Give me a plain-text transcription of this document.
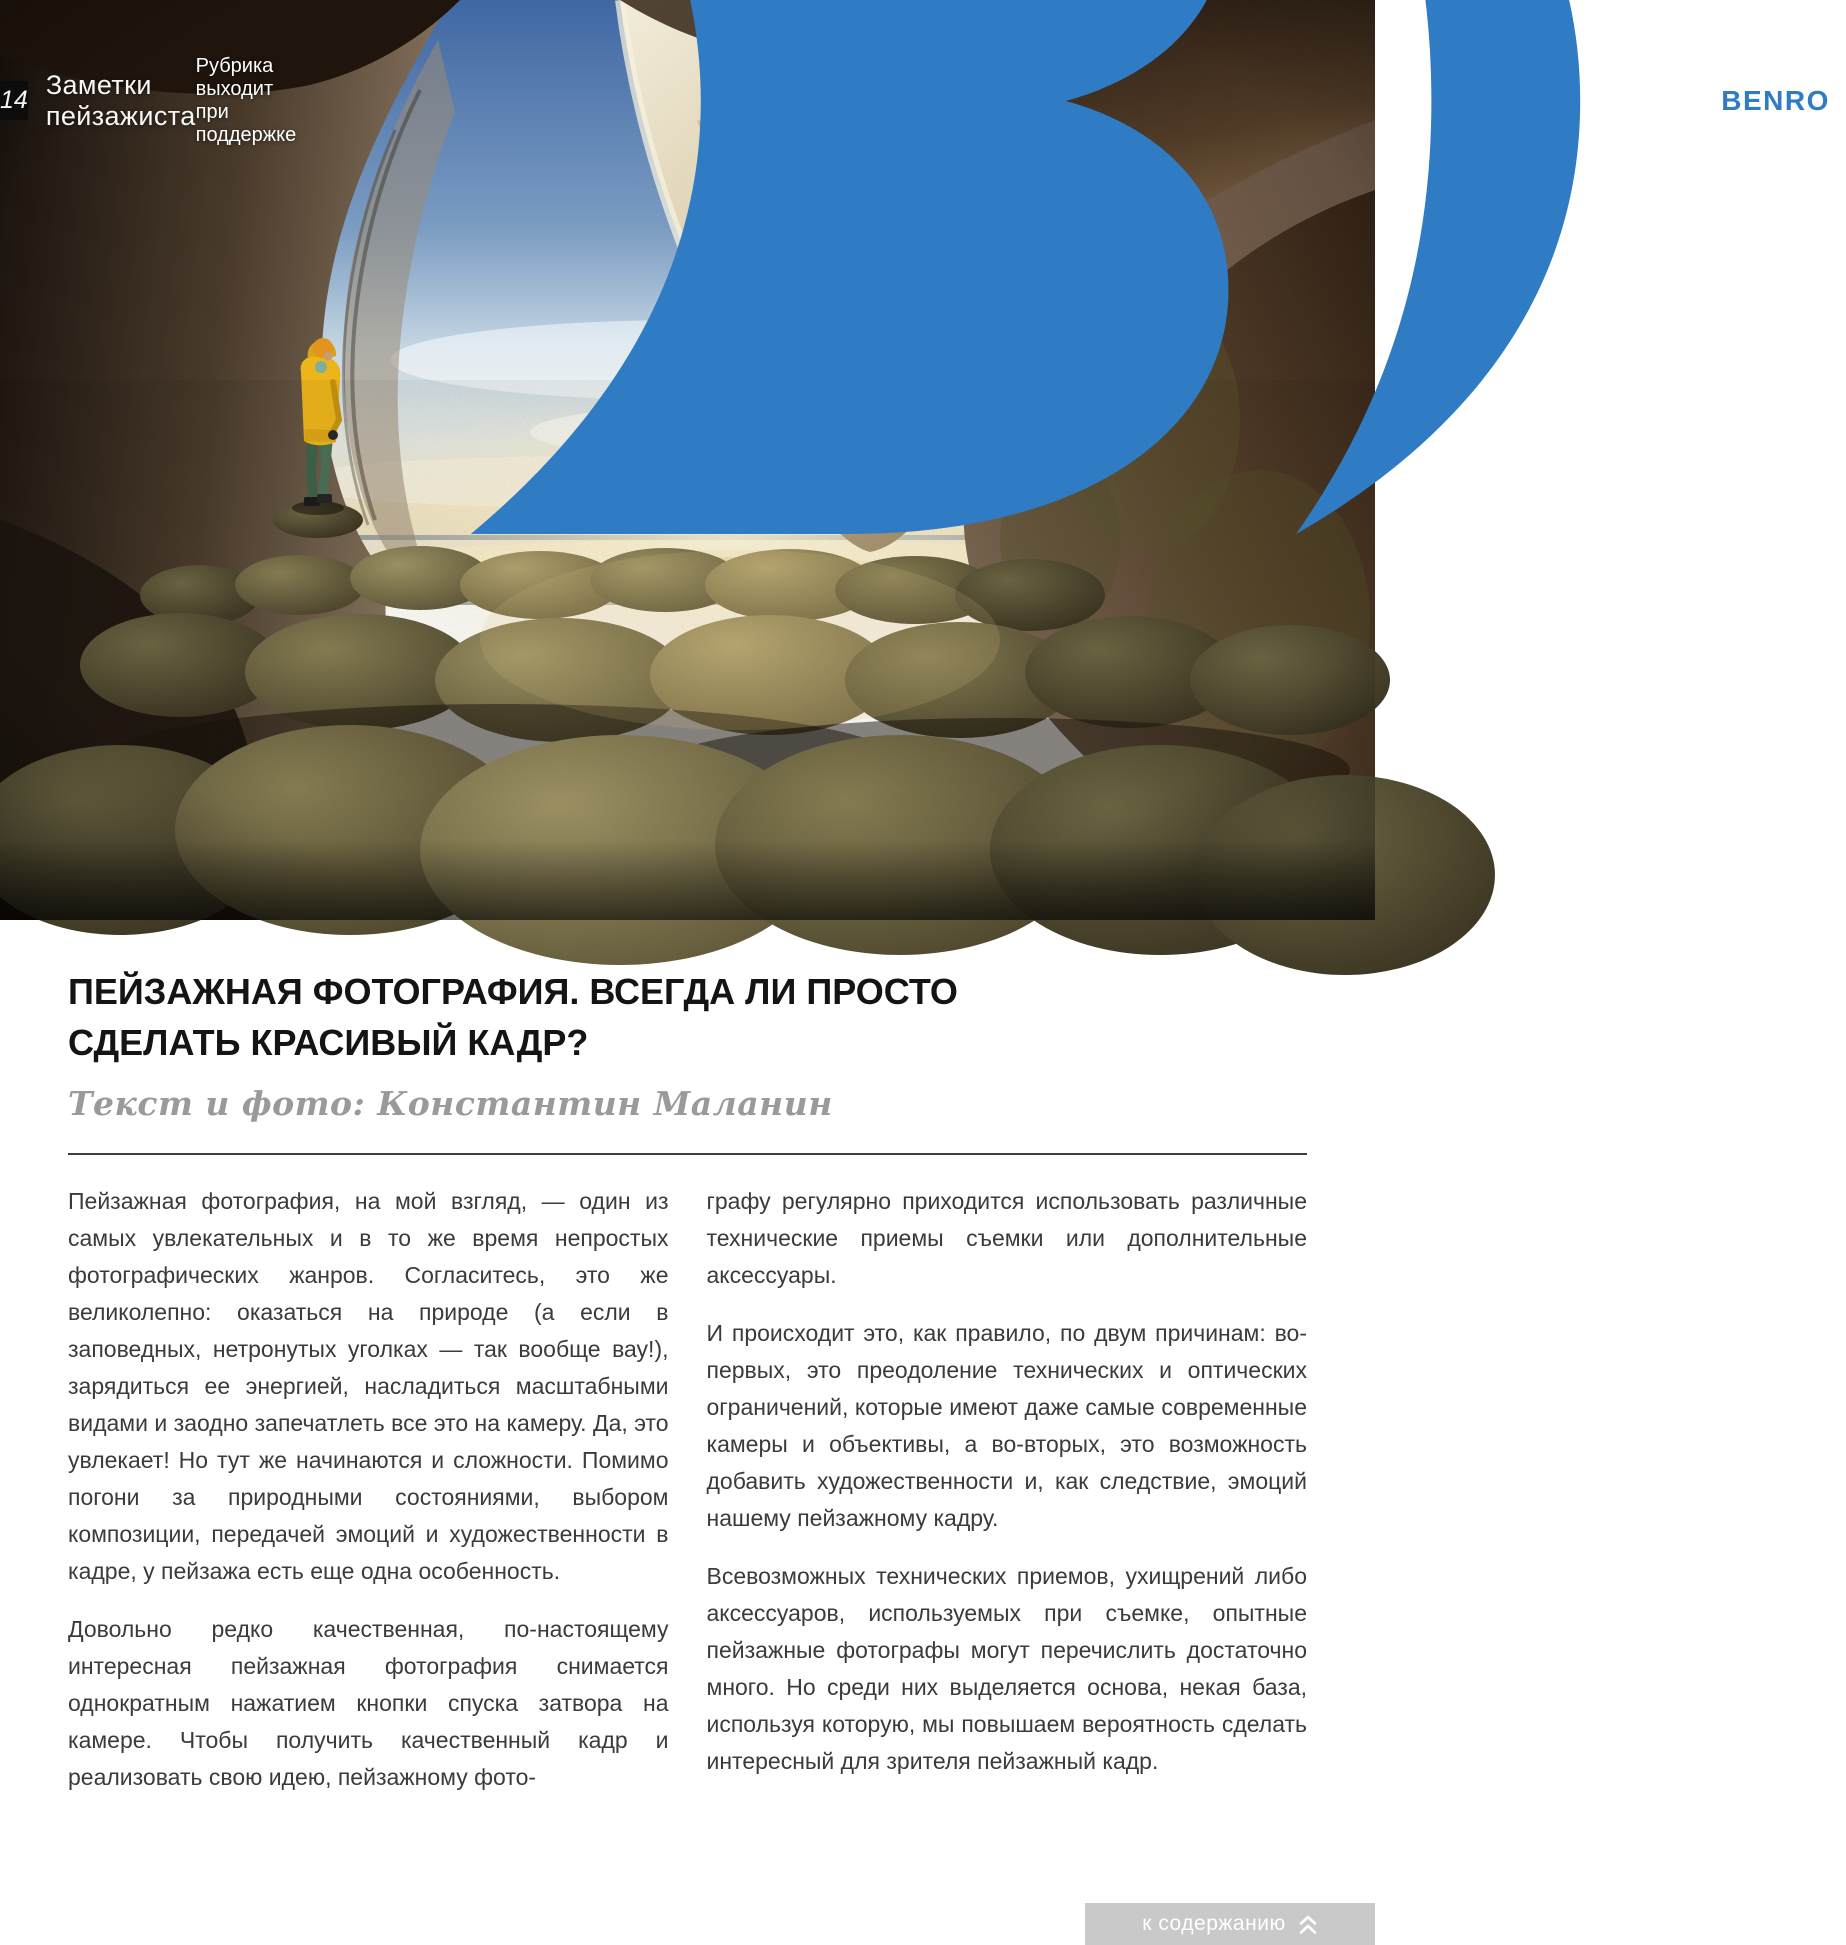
14
Заметки пейзажиста
Рубрика выходит при поддержке
BENRO
ПЕЙЗАЖНАЯ ФОТОГРАФИЯ. ВСЕГДА ЛИ ПРОСТО
СДЕЛАТЬ КРАСИВЫЙ КАДР?
Текст и фото: Константин Маланин

Пейзажная фотография, на мой взгляд, — один из самых увлекательных и в то же время непростых фотографических жанров. Согласитесь, это же великолепно: оказаться на природе (а если в заповедных, нетронутых уголках — так вообще вау!), зарядиться ее энергией, насладиться масштабными видами и заодно запечатлеть все это на камеру. Да, это увлекает! Но тут же начинаются и сложности. Помимо погони за природными состояниями, выбором композиции, передачей эмоций и художественности в кадре, у пейзажа есть еще одна особенность.

Довольно редко качественная, по-настоящему интересная пейзажная фотография снимается однократным нажатием кнопки спуска затвора на камере. Чтобы получить качественный кадр и реализовать свою идею, пейзажному фото-

графу регулярно приходится использовать различные технические приемы съемки или дополнительные аксессуары.

И происходит это, как правило, по двум причинам: во-первых, это преодоление технических и оптических ограничений, которые имеют даже самые современные камеры и объективы, а во-вторых, это возможность добавить художественности и, как следствие, эмоций нашему пейзажному кадру.

Всевозможных технических приемов, ухищрений либо аксессуаров, используемых при съемке, опытные пейзажные фотографы могут перечислить достаточно много. Но среди них выделяется основа, некая база, используя которую, мы повышаем вероятность сделать интересный для зрителя пейзажный кадр.

к содержанию
